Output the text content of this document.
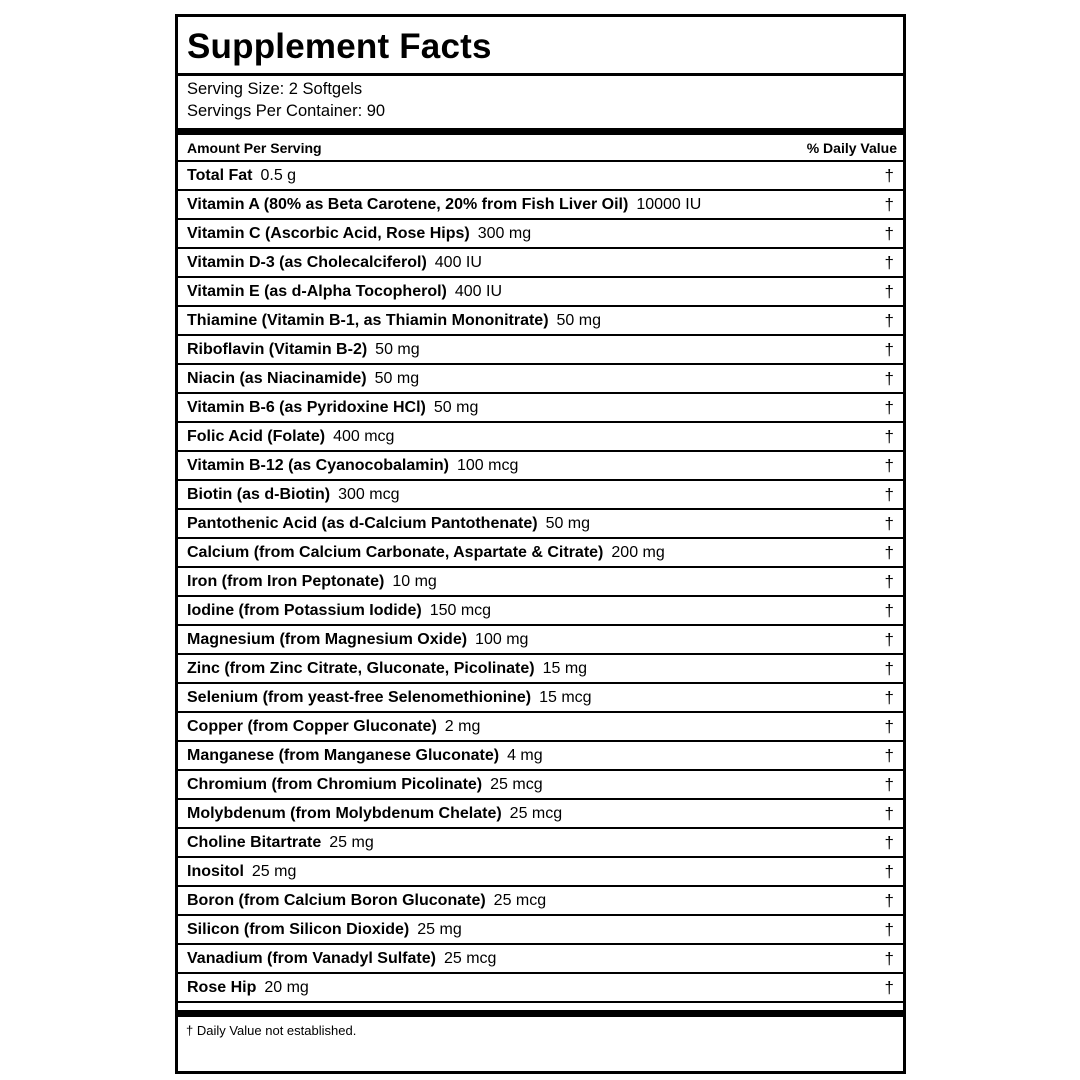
Supplement Facts
Serving Size: 2 Softgels
Servings Per Container: 90
Amount Per Serving	% Daily Value
Total Fat 0.5 g	†
Vitamin A (80% as Beta Carotene, 20% from Fish Liver Oil) 10000 IU	†
Vitamin C (Ascorbic Acid, Rose Hips) 300 mg	†
Vitamin D-3 (as Cholecalciferol) 400 IU	†
Vitamin E (as d-Alpha Tocopherol) 400 IU	†
Thiamine (Vitamin B-1, as Thiamin Mononitrate) 50 mg	†
Riboflavin (Vitamin B-2) 50 mg	†
Niacin (as Niacinamide) 50 mg	†
Vitamin B-6 (as Pyridoxine HCl) 50 mg	†
Folic Acid (Folate) 400 mcg	†
Vitamin B-12 (as Cyanocobalamin) 100 mcg	†
Biotin (as d-Biotin) 300 mcg	†
Pantothenic Acid (as d-Calcium Pantothenate) 50 mg	†
Calcium (from Calcium Carbonate, Aspartate & Citrate) 200 mg	†
Iron (from Iron Peptonate) 10 mg	†
Iodine (from Potassium Iodide) 150 mcg	†
Magnesium (from Magnesium Oxide) 100 mg	†
Zinc (from Zinc Citrate, Gluconate, Picolinate) 15 mg	†
Selenium (from yeast-free Selenomethionine) 15 mcg	†
Copper (from Copper Gluconate) 2 mg	†
Manganese (from Manganese Gluconate) 4 mg	†
Chromium (from Chromium Picolinate) 25 mcg	†
Molybdenum (from Molybdenum Chelate) 25 mcg	†
Choline Bitartrate 25 mg	†
Inositol 25 mg	†
Boron (from Calcium Boron Gluconate) 25 mcg	†
Silicon (from Silicon Dioxide) 25 mg	†
Vanadium (from Vanadyl Sulfate) 25 mcg	†
Rose Hip 20 mg	†
† Daily Value not established.
